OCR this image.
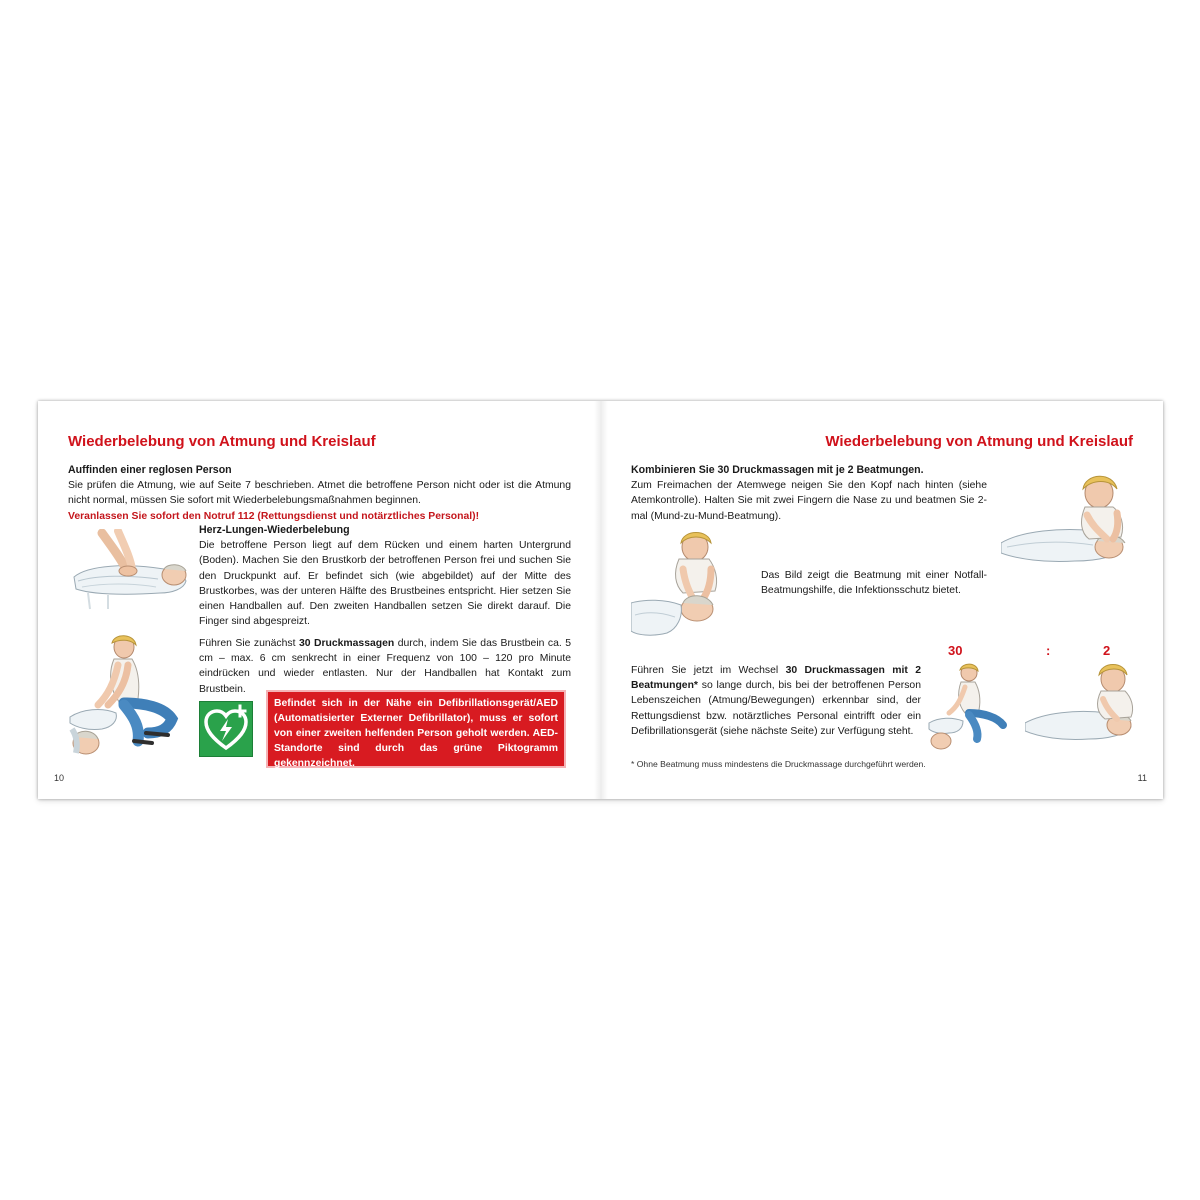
Wiederbelebung von Atmung und Kreislauf
Auffinden einer reglosen Person
Sie prüfen die Atmung, wie auf Seite 7 beschrieben. Atmet die betroffene Person nicht oder ist die Atmung nicht normal, müssen Sie sofort mit Wiederbelebungsmaßnahmen beginnen.
Veranlassen Sie sofort den Notruf 112 (Rettungsdienst und notärztliches Personal)!
Herz-Lungen-Wiederbelebung
Die betroffene Person liegt auf dem Rücken und einem harten Untergrund (Boden). Machen Sie den Brustkorb der betroffenen Person frei und suchen Sie den Druckpunkt auf. Er befindet sich (wie abgebildet) auf der Mitte des Brustkorbes, was der unteren Hälfte des Brustbeines entspricht. Hier setzen Sie einen Handballen auf. Den zweiten Handballen setzen Sie direkt darauf. Die Finger sind abgespreizt.
Führen Sie zunächst 30 Druckmassagen durch, indem Sie das Brustbein ca. 5 cm – max. 6 cm senkrecht in einer Frequenz von 100 – 120 pro Minute eindrücken und wieder entlasten. Nur der Handballen hat Kontakt zum Brustbein.
Befindet sich in der Nähe ein Defibrillationsgerät/AED (Automatisierter Externer Defibrillator), muss er sofort von einer zweiten helfenden Person geholt werden. AED-Standorte sind durch das grüne Piktogramm gekennzeichnet.
10
Wiederbelebung von Atmung und Kreislauf
Kombinieren Sie 30 Druckmassagen mit je 2 Beatmungen.
Zum Freimachen der Atemwege neigen Sie den Kopf nach hinten (siehe Atemkontrolle). Halten Sie mit zwei Fingern die Nase zu und beatmen Sie 2-mal (Mund-zu-Mund-Beatmung).
Das Bild zeigt die Beatmung mit einer Notfall-Beatmungshilfe, die Infektionsschutz bietet.
30	:	2
Führen Sie jetzt im Wechsel 30 Druckmassagen mit 2 Beatmungen* so lange durch, bis bei der betroffenen Person Lebenszeichen (Atmung/Bewegungen) erkennbar sind, der Rettungsdienst bzw. notärztliches Personal eintrifft oder ein Defibrillationsgerät (siehe nächste Seite) zur Verfügung steht.
* Ohne Beatmung muss mindestens die Druckmassage durchgeführt werden.
11
